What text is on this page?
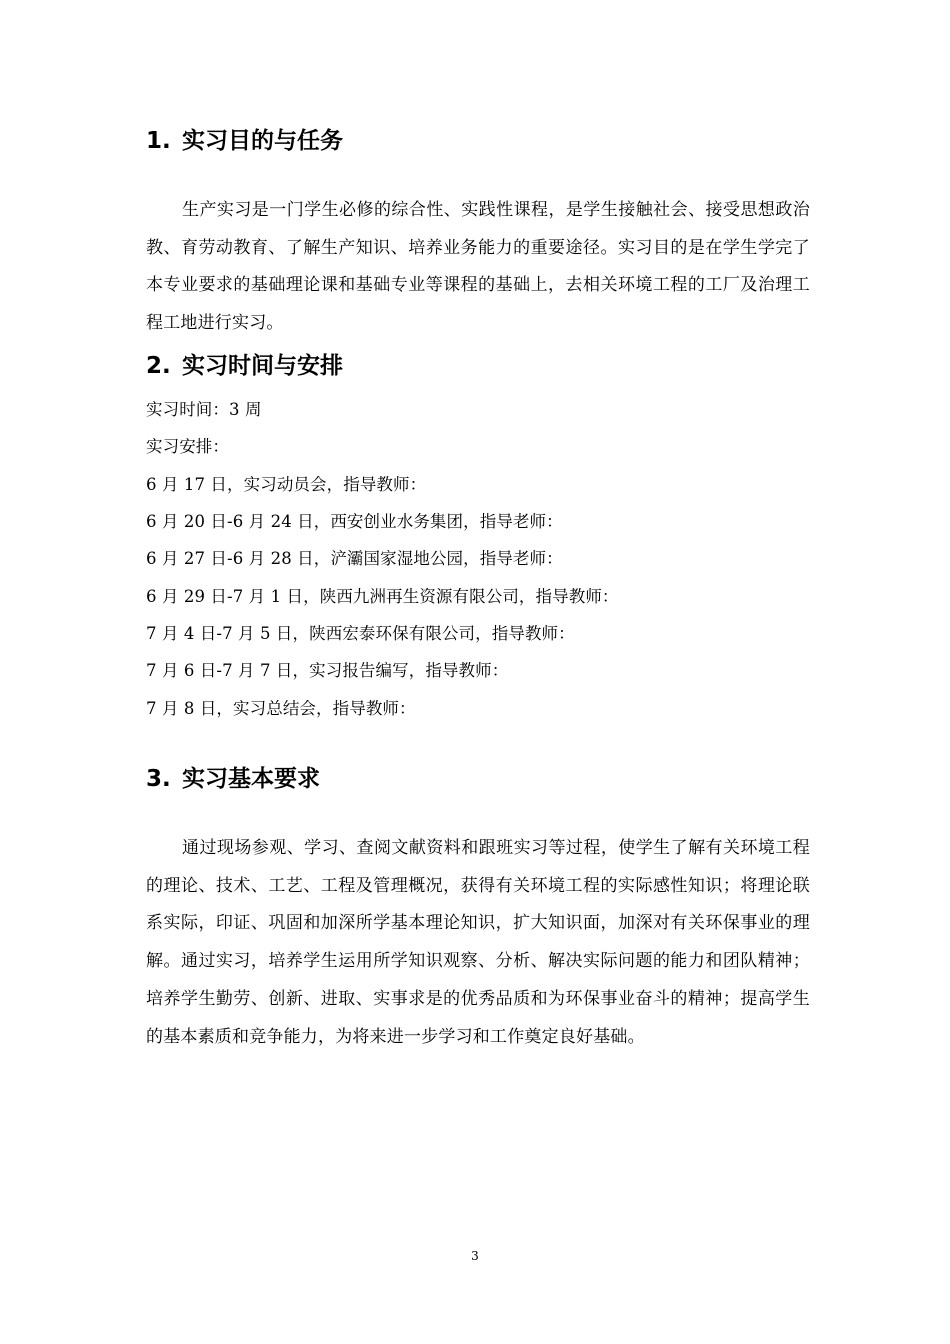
1. 实习目的与任务
生产实习是一门学生必修的综合性、实践性课程，是学生接触社会、接受思想政治教、育劳动教育、了解生产知识、培养业务能力的重要途径。实习目的是在学生学完了本专业要求的基础理论课和基础专业等课程的基础上，去相关环境工程的工厂及治理工程工地进行实习。
2. 实习时间与安排
实习时间：3 周
实习安排：
6 月 17 日，实习动员会，指导教师：
6 月 20 日-6 月 24 日，西安创业水务集团，指导老师：
6 月 27 日-6 月 28 日，浐灞国家湿地公园，指导老师：
6 月 29 日-7 月 1 日，陕西九洲再生资源有限公司，指导教师：
7 月 4 日-7 月 5 日，陕西宏泰环保有限公司，指导教师：
7 月 6 日-7 月 7 日，实习报告编写，指导教师：
7 月 8 日，实习总结会，指导教师：
3. 实习基本要求
通过现场参观、学习、查阅文献资料和跟班实习等过程，使学生了解有关环境工程的理论、技术、工艺、工程及管理概况，获得有关环境工程的实际感性知识；将理论联系实际，印证、巩固和加深所学基本理论知识，扩大知识面，加深对有关环保事业的理解。通过实习，培养学生运用所学知识观察、分析、解决实际问题的能力和团队精神；培养学生勤劳、创新、进取、实事求是的优秀品质和为环保事业奋斗的精神；提高学生的基本素质和竞争能力，为将来进一步学习和工作奠定良好基础。
3
